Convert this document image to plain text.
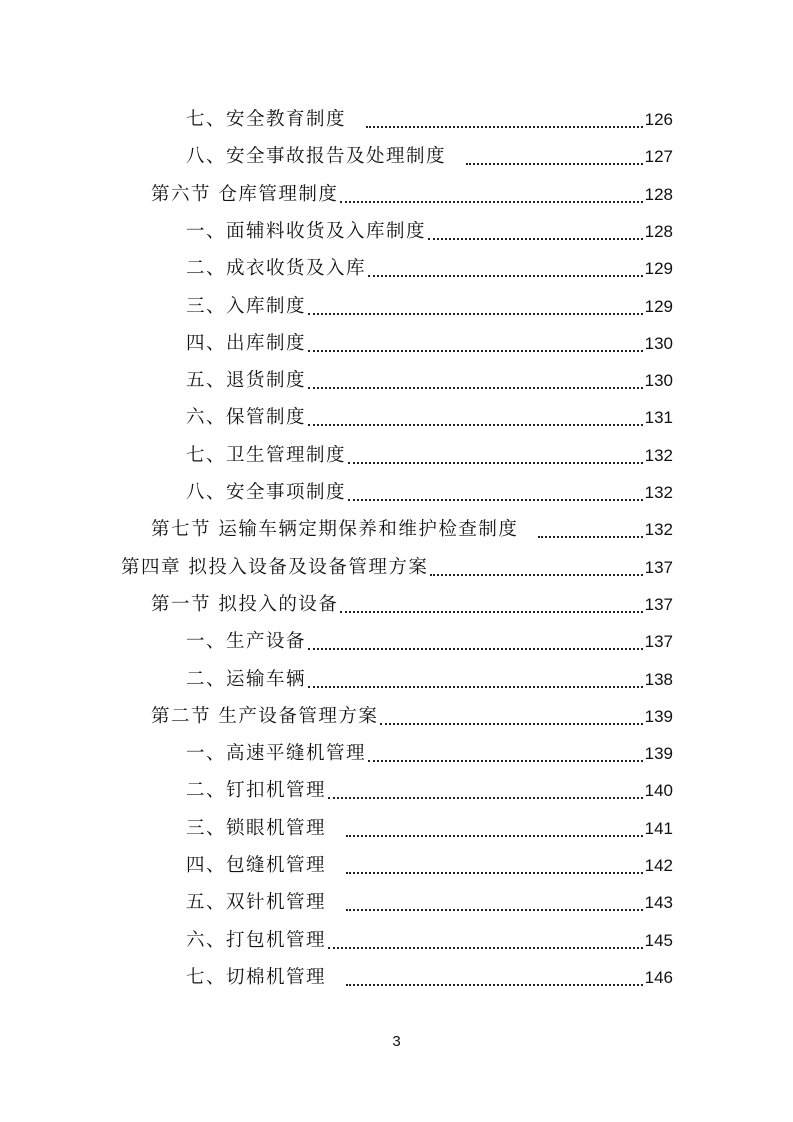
七、安全教育制度	126
八、安全事故报告及处理制度	127
第六节 仓库管理制度	128
一、面辅料收货及入库制度	128
二、成衣收货及入库	129
三、入库制度	129
四、出库制度	130
五、退货制度	130
六、保管制度	131
七、卫生管理制度	132
八、安全事项制度	132
第七节 运输车辆定期保养和维护检查制度	132
第四章 拟投入设备及设备管理方案	137
第一节 拟投入的设备	137
一、生产设备	137
二、运输车辆	138
第二节 生产设备管理方案	139
一、高速平缝机管理	139
二、钉扣机管理	140
三、锁眼机管理	141
四、包缝机管理	142
五、双针机管理	143
六、打包机管理	145
七、切棉机管理	146
3
